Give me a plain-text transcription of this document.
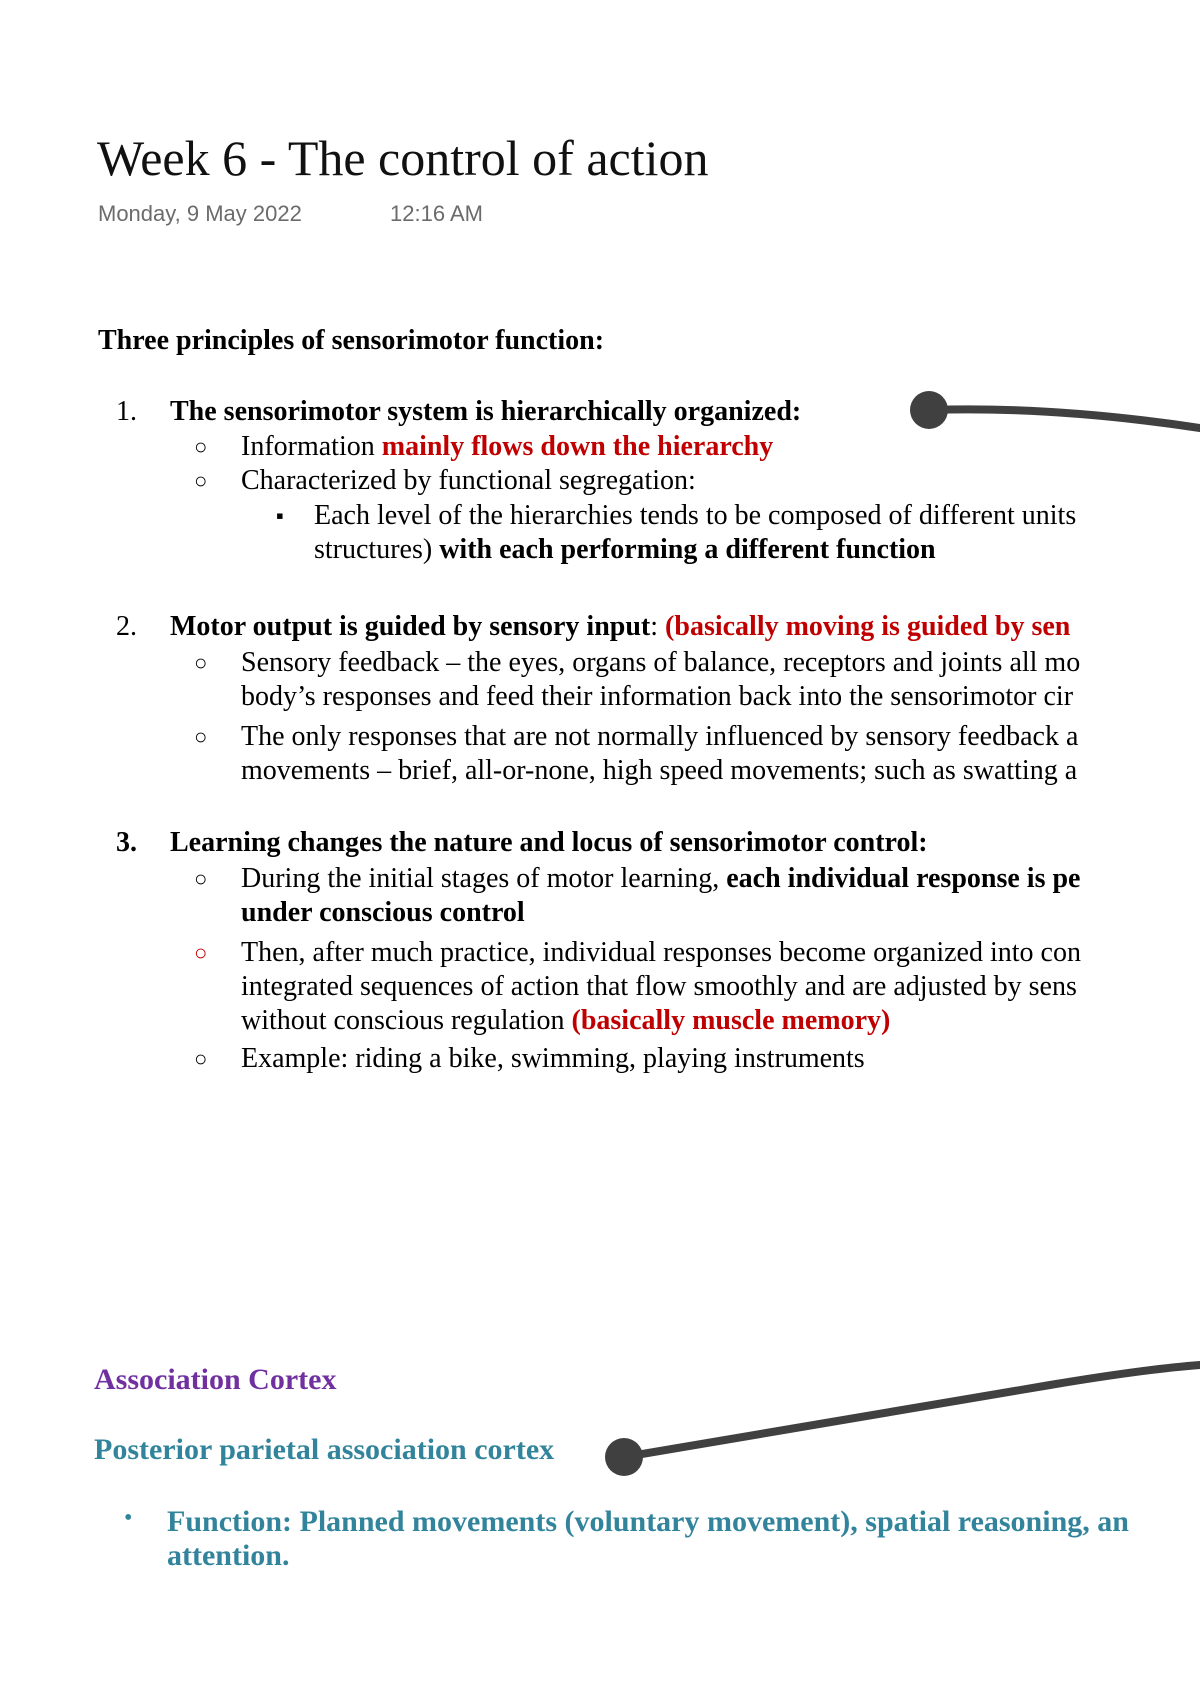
Week 6 - The control of action
Monday, 9 May 2022	12:16 AM
Three principles of sensorimotor function:
1. The sensorimotor system is hierarchically organized:
○ Information mainly flows down the hierarchy
○ Characterized by functional segregation:
▪ Each level of the hierarchies tends to be composed of different units
structures) with each performing a different function
2. Motor output is guided by sensory input: (basically moving is guided by sen
○ Sensory feedback – the eyes, organs of balance, receptors and joints all mo
body’s responses and feed their information back into the sensorimotor cir
○ The only responses that are not normally influenced by sensory feedback a
movements – brief, all-or-none, high speed movements; such as swatting a
3. Learning changes the nature and locus of sensorimotor control:
○ During the initial stages of motor learning, each individual response is pe
under conscious control
○ Then, after much practice, individual responses become organized into con
integrated sequences of action that flow smoothly and are adjusted by sens
without conscious regulation (basically muscle memory)
○ Example: riding a bike, swimming, playing instruments
Association Cortex
Posterior parietal association cortex
• Function: Planned movements (voluntary movement), spatial reasoning, an
attention.
